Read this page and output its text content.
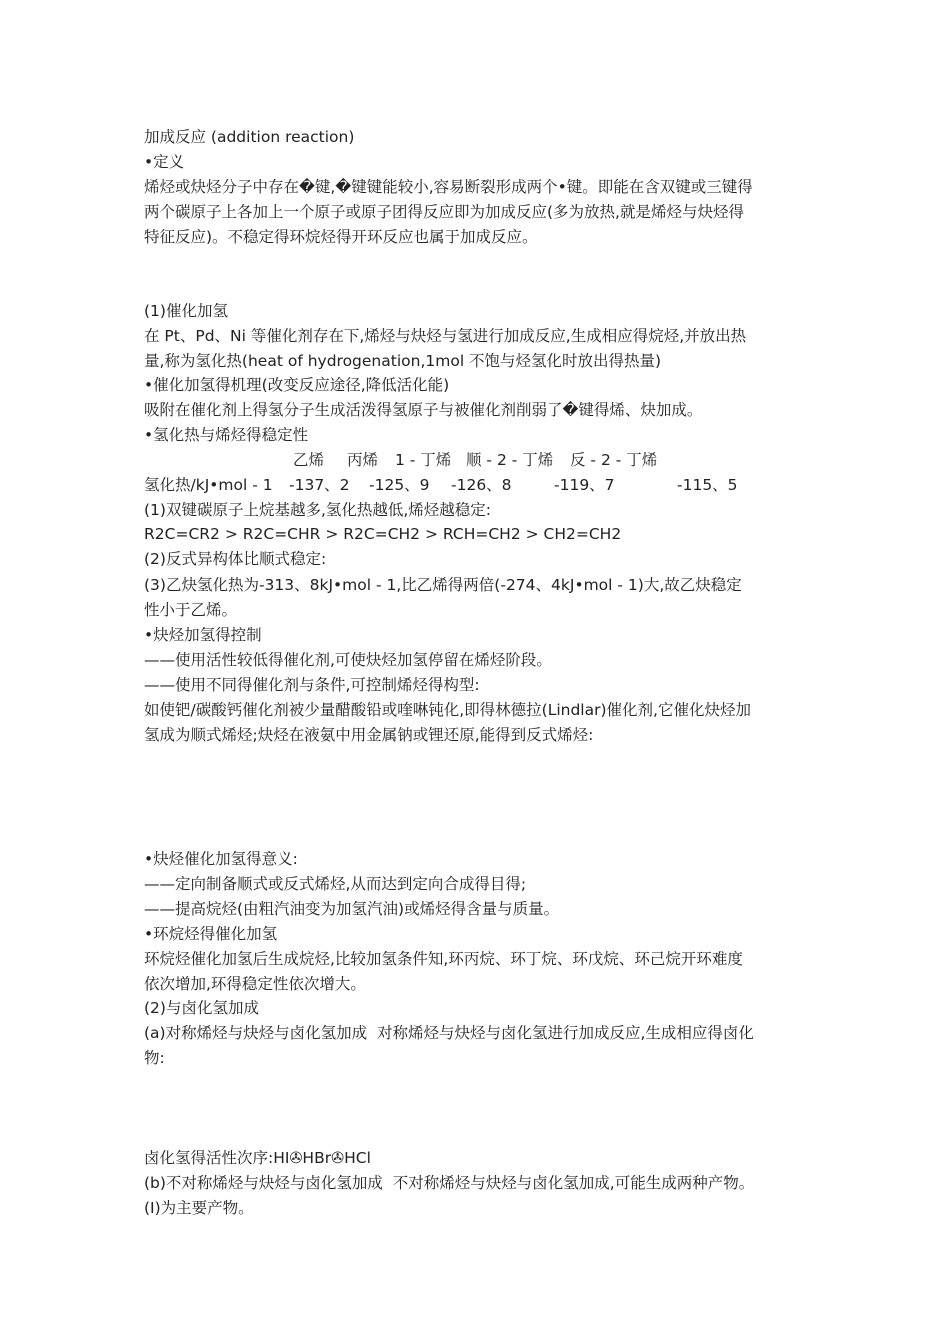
加成反应 (addition reaction)
•定义
烯烃或炔烃分子中存在�键,�键键能较小,容易断裂形成两个•键。即能在含双键或三键得
两个碳原子上各加上一个原子或原子团得反应即为加成反应(多为放热,就是烯烃与炔烃得
特征反应)。不稳定得环烷烃得开环反应也属于加成反应。
(1)催化加氢
在 Pt、Pd、Ni 等催化剂存在下,烯烃与炔烃与氢进行加成反应,生成相应得烷烃,并放出热
量,称为氢化热(heat of hydrogenation,1mol 不饱与烃氢化时放出得热量)
•催化加氢得机理(改变反应途径,降低活化能)
吸附在催化剂上得氢分子生成活泼得氢原子与被催化剂削弱了�键得烯、炔加成。
•氢化热与烯烃得稳定性

乙烯

丙烯

1 - 丁烯

顺 - 2 - 丁烯

反 - 2 - 丁烯

氢化热/kJ•mol - 1

-137、2

-125、9

-126、8

	-119、7

	-115、5

(1)双键碳原子上烷基越多,氢化热越低,烯烃越稳定:
R2C=CR2 > R2C=CHR > R2C=CH2 > RCH=CH2 > CH2=CH2
(2)反式异构体比顺式稳定:
(3)乙炔氢化热为-313、8kJ•mol - 1,比乙烯得两倍(-274、4kJ•mol - 1)大,故乙炔稳定
性小于乙烯。
•炔烃加氢得控制
——使用活性较低得催化剂,可使炔烃加氢停留在烯烃阶段。
——使用不同得催化剂与条件,可控制烯烃得构型:
如使钯/碳酸钙催化剂被少量醋酸铅或喹啉钝化,即得林德拉(Lindlar)催化剂,它催化炔烃加
氢成为顺式烯烃;炔烃在液氨中用金属钠或锂还原,能得到反式烯烃:
•炔烃催化加氢得意义:
——定向制备顺式或反式烯烃,从而达到定向合成得目得;
——提高烷烃(由粗汽油变为加氢汽油)或烯烃得含量与质量。
•环烷烃得催化加氢
环烷烃催化加氢后生成烷烃,比较加氢条件知,环丙烷、环丁烷、环戊烷、环己烷开环难度
依次增加,环得稳定性依次增大。
(2)与卤化氢加成
(a)对称烯烃与炔烃与卤化氢加成  对称烯烃与炔烃与卤化氢进行加成反应,生成相应得卤化
物:
卤化氢得活性次序:HI✇HBr✇HCl
(b)不对称烯烃与炔烃与卤化氢加成  不对称烯烃与炔烃与卤化氢加成,可能生成两种产物。
(I)为主要产物。
